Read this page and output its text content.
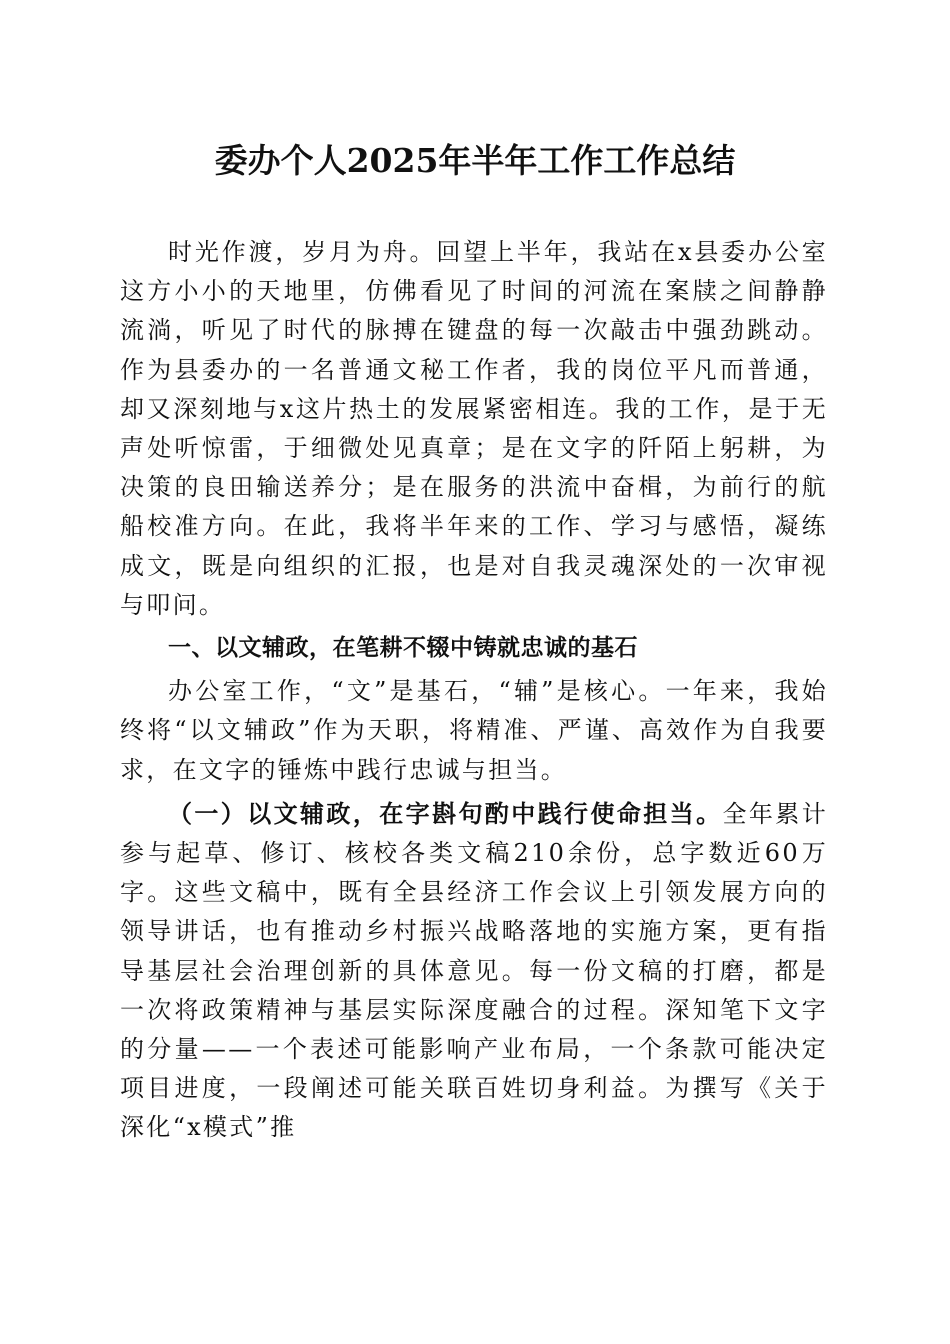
委办个人2025年半年工作工作总结

时光作渡，岁月为舟。回望上半年，我站在x县委办公室这方小小的天地里，仿佛看见了时间的河流在案牍之间静静流淌，听见了时代的脉搏在键盘的每一次敲击中强劲跳动。作为县委办的一名普通文秘工作者，我的岗位平凡而普通，却又深刻地与x这片热土的发展紧密相连。我的工作，是于无声处听惊雷，于细微处见真章；是在文字的阡陌上躬耕，为决策的良田输送养分；是在服务的洪流中奋楫，为前行的航船校准方向。在此，我将半年来的工作、学习与感悟，凝练成文，既是向组织的汇报，也是对自我灵魂深处的一次审视与叩问。

一、以文辅政，在笔耕不辍中铸就忠诚的基石

办公室工作，“文”是基石，“辅”是核心。一年来，我始终将“以文辅政”作为天职，将精准、严谨、高效作为自我要求，在文字的锤炼中践行忠诚与担当。

（一）以文辅政，在字斟句酌中践行使命担当。全年累计参与起草、修订、核校各类文稿210余份，总字数近60万字。这些文稿中，既有全县经济工作会议上引领发展方向的领导讲话，也有推动乡村振兴战略落地的实施方案，更有指导基层社会治理创新的具体意见。每一份文稿的打磨，都是一次将政策精神与基层实际深度融合的过程。深知笔下文字的分量——一个表述可能影响产业布局，一个条款可能决定项目进度，一段阐述可能关联百姓切身利益。为撰写《关于深化“x模式”推
